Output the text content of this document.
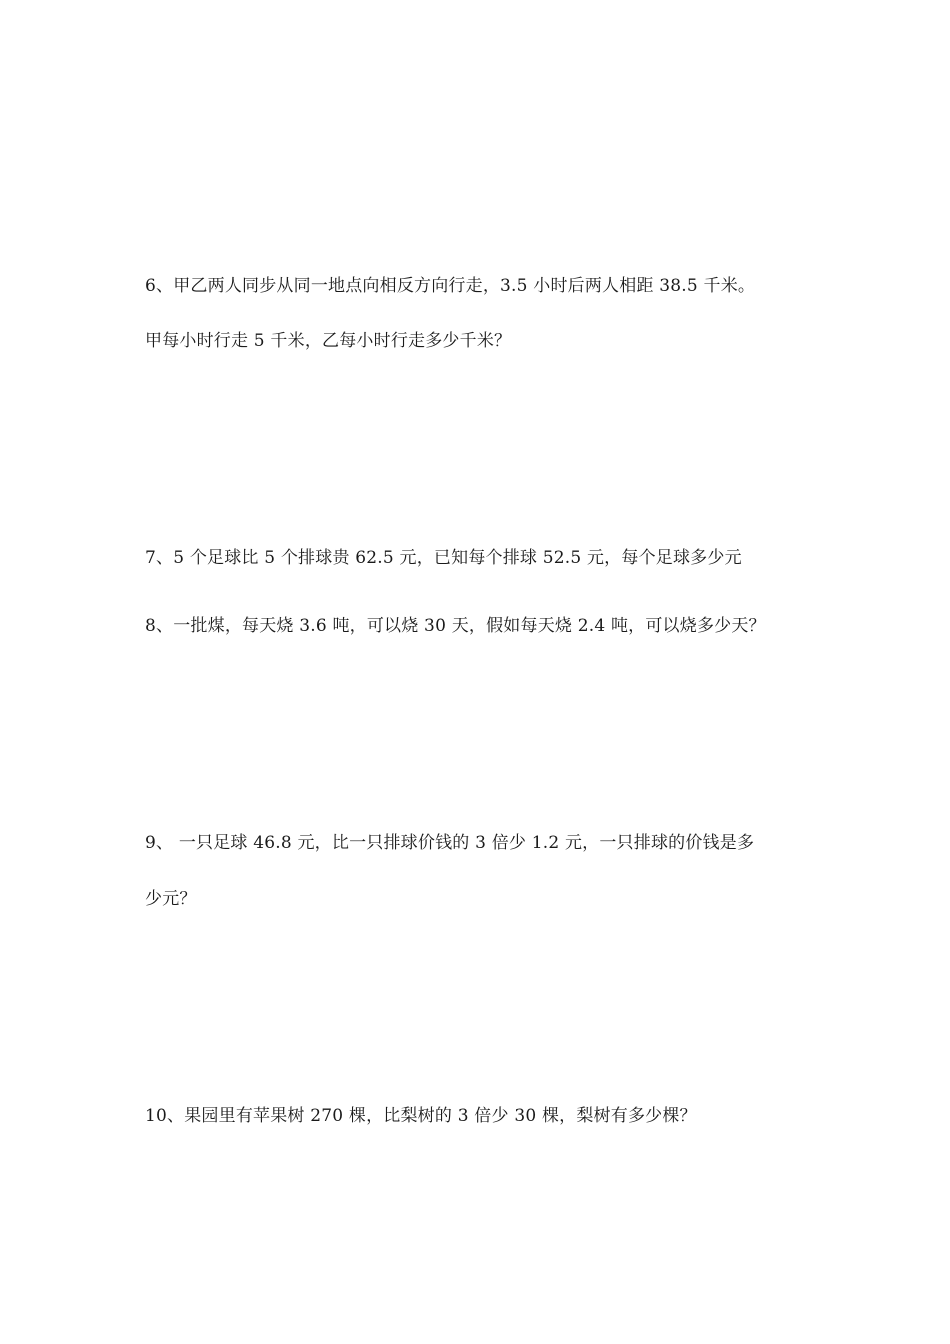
6、甲乙两人同步从同一地点向相反方向行走，3.5 小时后两人相距 38.5 千米。
甲每小时行走 5 千米，乙每小时行走多少千米？
7、5 个足球比 5 个排球贵 62.5 元，已知每个排球 52.5 元，每个足球多少元
8、一批煤，每天烧 3.6 吨，可以烧 30 天，假如每天烧 2.4 吨，可以烧多少天？
9、 一只足球 46.8 元，比一只排球价钱的 3 倍少 1.2 元，一只排球的价钱是多
少元？
10、果园里有苹果树 270 棵，比梨树的 3 倍少 30 棵，梨树有多少棵？
